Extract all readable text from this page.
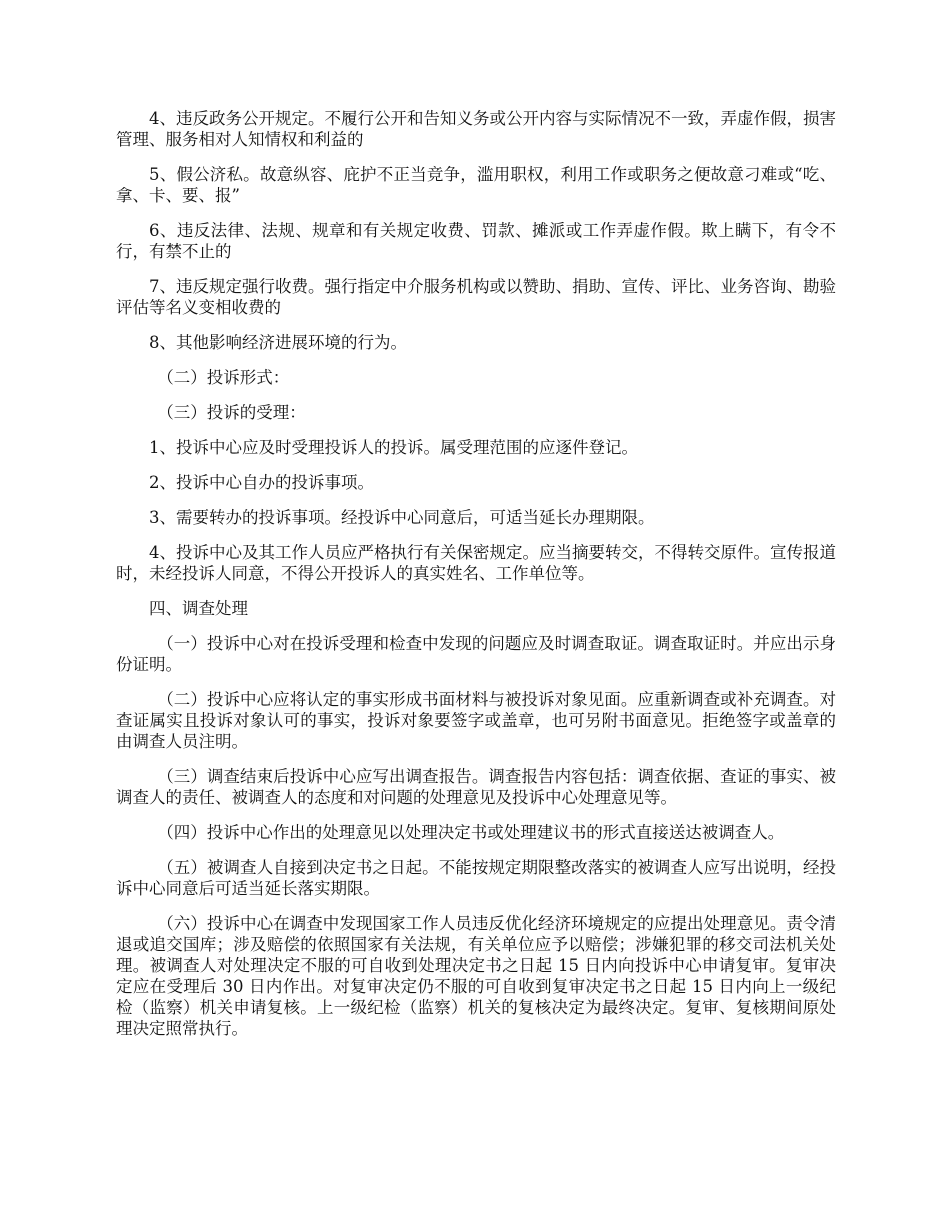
4、违反政务公开规定。不履行公开和告知义务或公开内容与实际情况不一致，弄虚作假，损害管理、服务相对人知情权和利益的

5、假公济私。故意纵容、庇护不正当竞争，滥用职权，利用工作或职务之便故意刁难或“吃、拿、卡、要、报”

6、违反法律、法规、规章和有关规定收费、罚款、摊派或工作弄虚作假。欺上瞒下，有令不行，有禁不止的

7、违反规定强行收费。强行指定中介服务机构或以赞助、捐助、宣传、评比、业务咨询、勘验评估等名义变相收费的

8、其他影响经济进展环境的行为。

（二）投诉形式：

（三）投诉的受理：

1、投诉中心应及时受理投诉人的投诉。属受理范围的应逐件登记。

2、投诉中心自办的投诉事项。

3、需要转办的投诉事项。经投诉中心同意后，可适当延长办理期限。

4、投诉中心及其工作人员应严格执行有关保密规定。应当摘要转交，不得转交原件。宣传报道时，未经投诉人同意，不得公开投诉人的真实姓名、工作单位等。

四、调查处理

（一）投诉中心对在投诉受理和检查中发现的问题应及时调查取证。调查取证时。并应出示身份证明。

（二）投诉中心应将认定的事实形成书面材料与被投诉对象见面。应重新调查或补充调查。对查证属实且投诉对象认可的事实，投诉对象要签字或盖章，也可另附书面意见。拒绝签字或盖章的由调查人员注明。

（三）调查结束后投诉中心应写出调查报告。调查报告内容包括：调查依据、查证的事实、被调查人的责任、被调查人的态度和对问题的处理意见及投诉中心处理意见等。

（四）投诉中心作出的处理意见以处理决定书或处理建议书的形式直接送达被调查人。

（五）被调查人自接到决定书之日起。不能按规定期限整改落实的被调查人应写出说明，经投诉中心同意后可适当延长落实期限。

（六）投诉中心在调查中发现国家工作人员违反优化经济环境规定的应提出处理意见。责令清退或追交国库；涉及赔偿的依照国家有关法规，有关单位应予以赔偿；涉嫌犯罪的移交司法机关处理。被调查人对处理决定不服的可自收到处理决定书之日起 15 日内向投诉中心申请复审。复审决定应在受理后 30 日内作出。对复审决定仍不服的可自收到复审决定书之日起 15 日内向上一级纪检（监察）机关申请复核。上一级纪检（监察）机关的复核决定为最终决定。复审、复核期间原处理决定照常执行。
